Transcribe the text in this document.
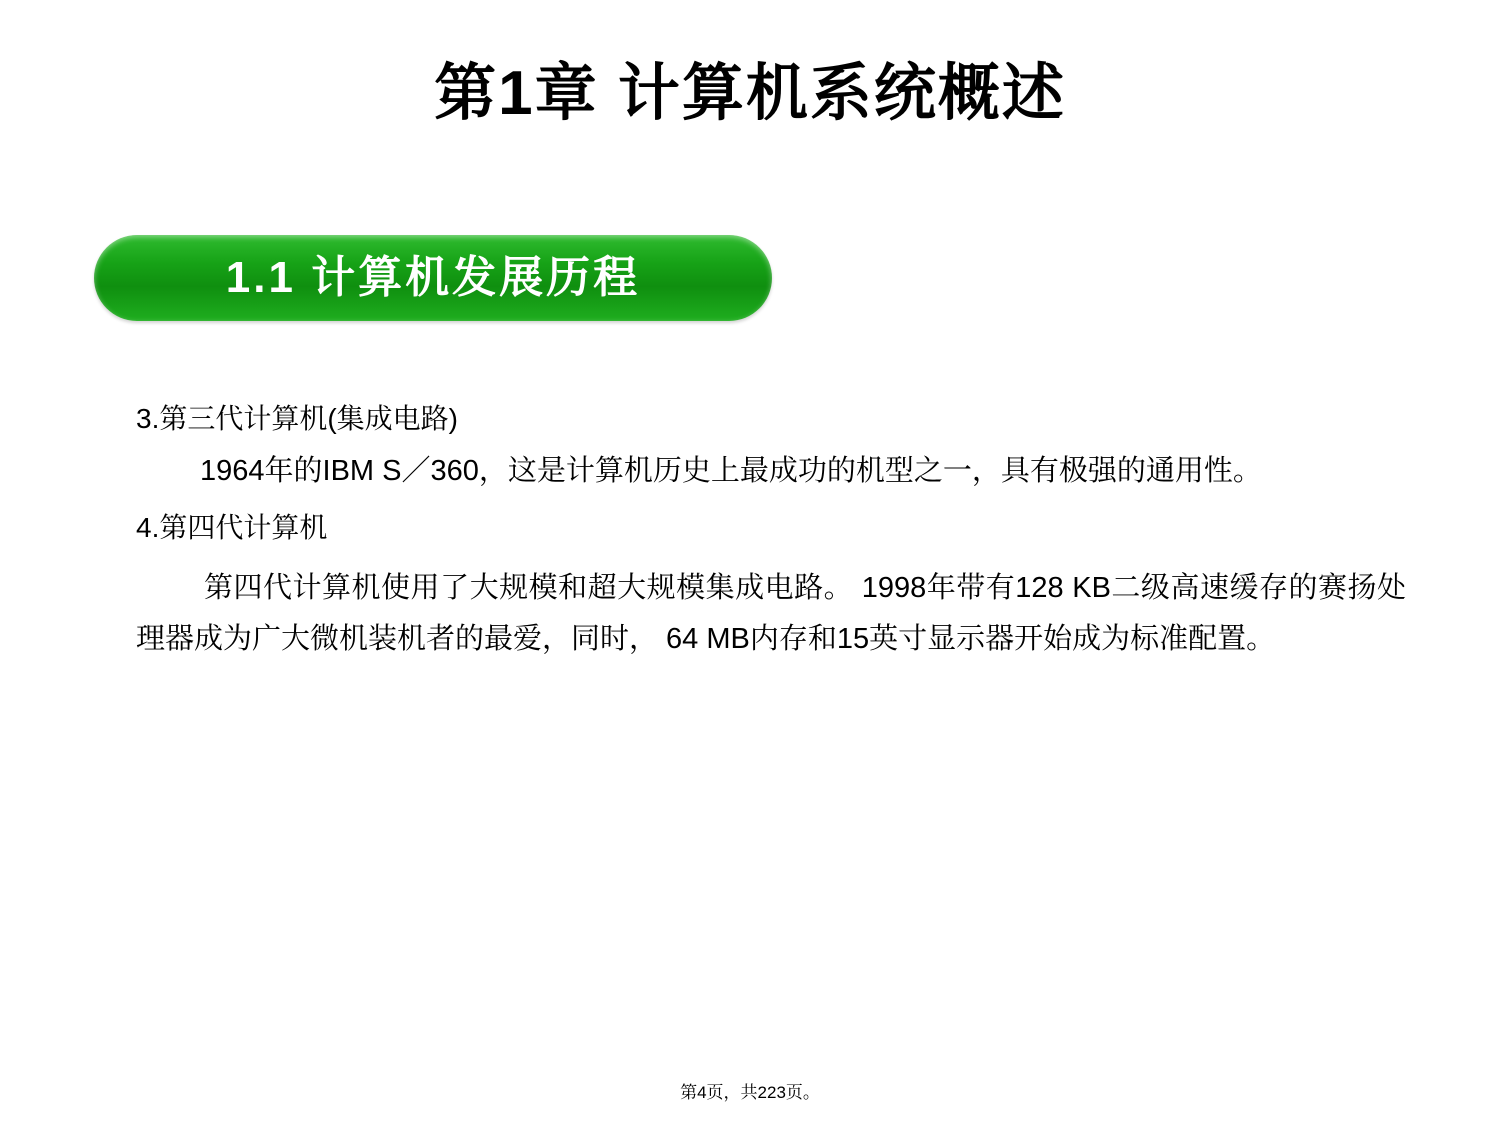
第1章 计算机系统概述
1.1 计算机发展历程

3.第三代计算机(集成电路)

1964年的IBM S／360，这是计算机历史上最成功的机型之一，具有极强的通用性。

4.第四代计算机

第四代计算机使用了大规模和超大规模集成电路。 1998年带有128 KB二级高速缓存的赛扬处理器成为广大微机装机者的最爱，同时， 64 MB内存和15英寸显示器开始成为标准配置。

第4页，共223页。
